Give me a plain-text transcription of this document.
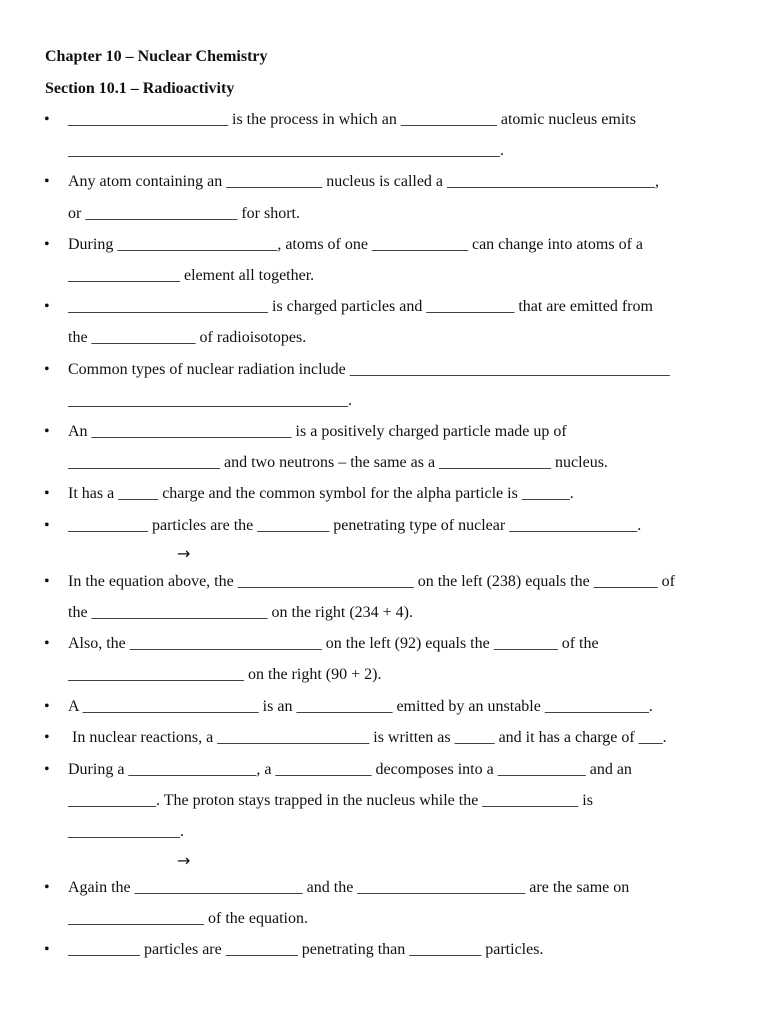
Chapter 10 – Nuclear Chemistry
Section 10.1 – Radioactivity
• ____________________ is the process in which an ____________ atomic nucleus emits
______________________________________________________.
• Any atom containing an ____________ nucleus is called a __________________________,
or ___________________ for short.
• During ____________________, atoms of one ____________ can change into atoms of a
______________ element all together.
• _________________________ is charged particles and ___________ that are emitted from
the _____________ of radioisotopes.
• Common types of nuclear radiation include ________________________________________
___________________________________.
• An _________________________ is a positively charged particle made up of
___________________ and two neutrons – the same as a ______________ nucleus.
• It has a _____ charge and the common symbol for the alpha particle is ______.
• __________ particles are the _________ penetrating type of nuclear ________________.
→
• In the equation above, the ______________________ on the left (238) equals the ________ of
the ______________________ on the right (234 + 4).
• Also, the ________________________ on the left (92) equals the ________ of the
______________________ on the right (90 + 2).
• A ______________________ is an ____________ emitted by an unstable _____________.
• In nuclear reactions, a ___________________ is written as _____ and it has a charge of ___.
• During a ________________, a ____________ decomposes into a ___________ and an
___________. The proton stays trapped in the nucleus while the ____________ is
______________.
→
• Again the _____________________ and the _____________________ are the same on
_________________ of the equation.
• _________ particles are _________ penetrating than _________ particles.
